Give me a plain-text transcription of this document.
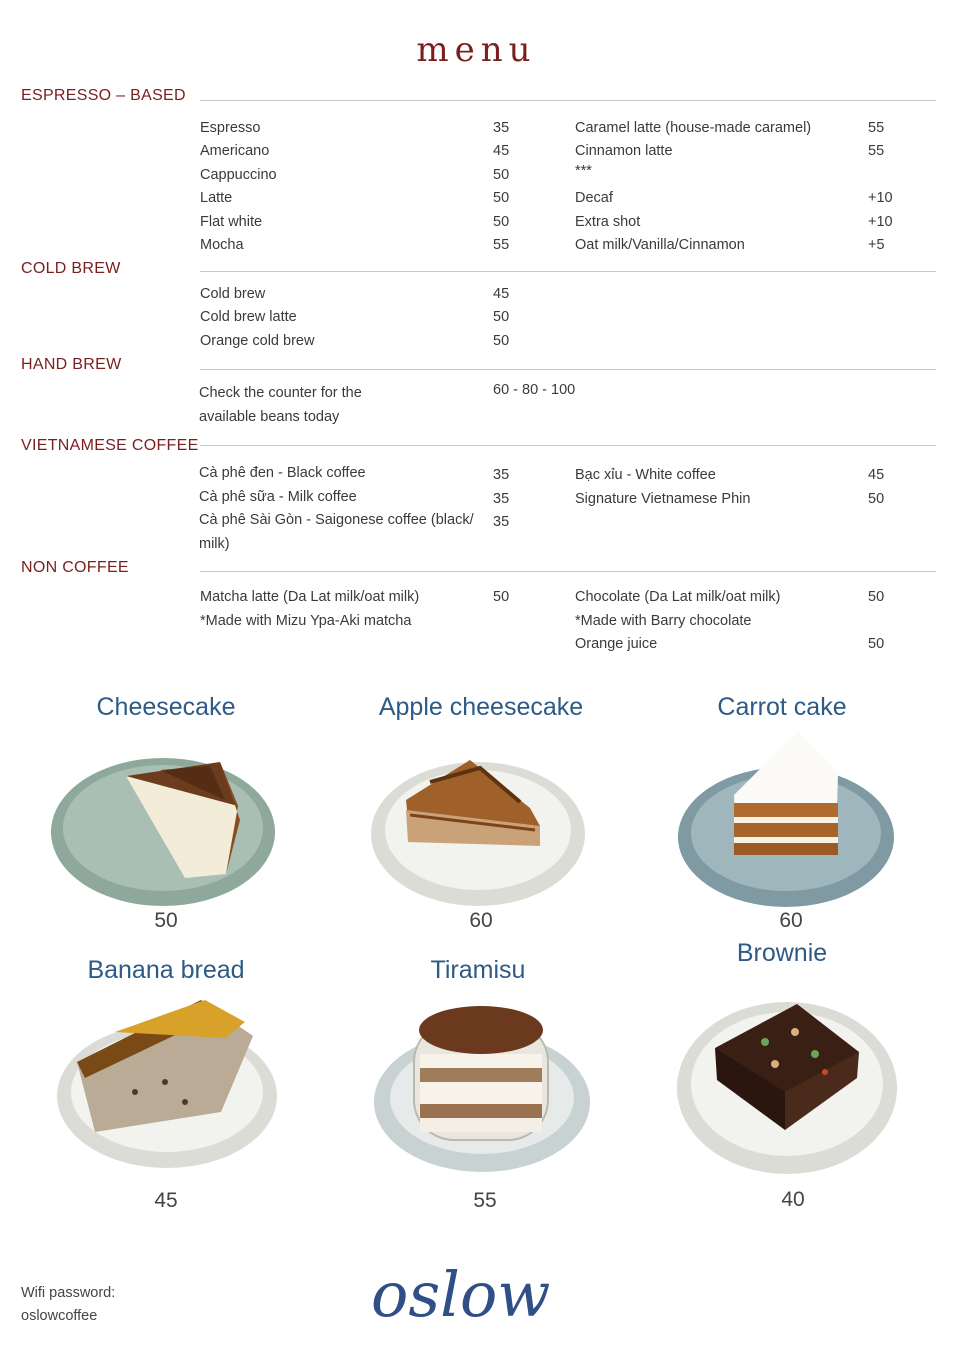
menu
ESPRESSO – BASED
Espresso	35
Americano	45
Cappuccino	50
Latte	50
Flat white	50
Mocha	55
Caramel latte (house-made caramel)	55
Cinnamon latte	55
***
Decaf	+10
Extra shot	+10
Oat milk/Vanilla/Cinnamon	+5
COLD BREW
Cold brew	45
Cold brew latte	50
Orange cold brew	50
HAND BREW
Check the counter for the
available beans today
60 - 80 - 100
VIETNAMESE COFFEE
Cà phê đen - Black coffee	35
Cà phê sữa - Milk coffee	35
Cà phê Sài Gòn - Saigonese coffee (black/ 35
milk)
Bạc xỉu - White coffee	45
Signature Vietnamese Phin	50
NON COFFEE
Matcha latte (Da Lat milk/oat milk)	50
*Made with Mizu Ypa-Aki matcha
Chocolate (Da Lat milk/oat milk)	50
*Made with Barry chocolate
Orange juice	50
Cheesecake	Apple cheesecake	Carrot cake
Banana bread	Tiramisu
Brownie
50	60	60
45	55	40
Wifi password:
oslowcoffee	oslow
